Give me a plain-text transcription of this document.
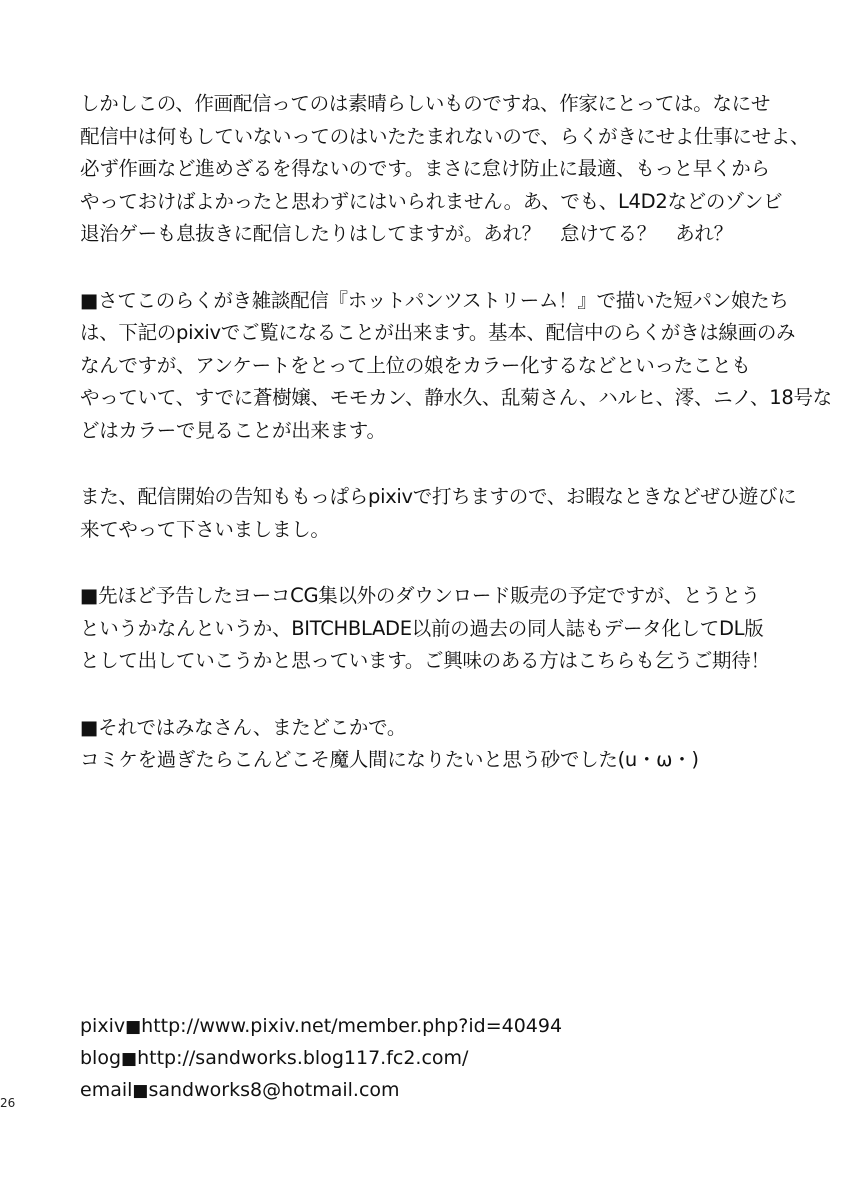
しかしこの、作画配信ってのは素晴らしいものですね、作家にとっては。なにせ
配信中は何もしていないってのはいたたまれないので、らくがきにせよ仕事にせよ、
必ず作画など進めざるを得ないのです。まさに怠け防止に最適、もっと早くから
やっておけばよかったと思わずにはいられません。あ、でも、L4D2などのゾンビ
退治ゲーも息抜きに配信したりはしてますが。あれ？　怠けてる？　あれ？
■さてこのらくがき雑談配信『ホットパンツストリーム！』で描いた短パン娘たち
は、下記のpixivでご覧になることが出来ます。基本、配信中のらくがきは線画のみ
なんですが、アンケートをとって上位の娘をカラー化するなどといったことも
やっていて、すでに蒼樹嬢、モモカン、静水久、乱菊さん、ハルヒ、澪、ニノ、18号な
どはカラーで見ることが出来ます。
また、配信開始の告知ももっぱらpixivで打ちますので、お暇なときなどぜひ遊びに
来てやって下さいましまし。
■先ほど予告したヨーコCG集以外のダウンロード販売の予定ですが、とうとう
というかなんというか、BITCHBLADE以前の過去の同人誌もデータ化してDL版
として出していこうかと思っています。ご興味のある方はこちらも乞うご期待！
■それではみなさん、またどこかで。
コミケを過ぎたらこんどこそ魔人間になりたいと思う砂でした(u・ω・)
pixiv■http://www.pixiv.net/member.php?id=40494
blog■http://sandworks.blog117.fc2.com/
email■sandworks8@hotmail.com
26
